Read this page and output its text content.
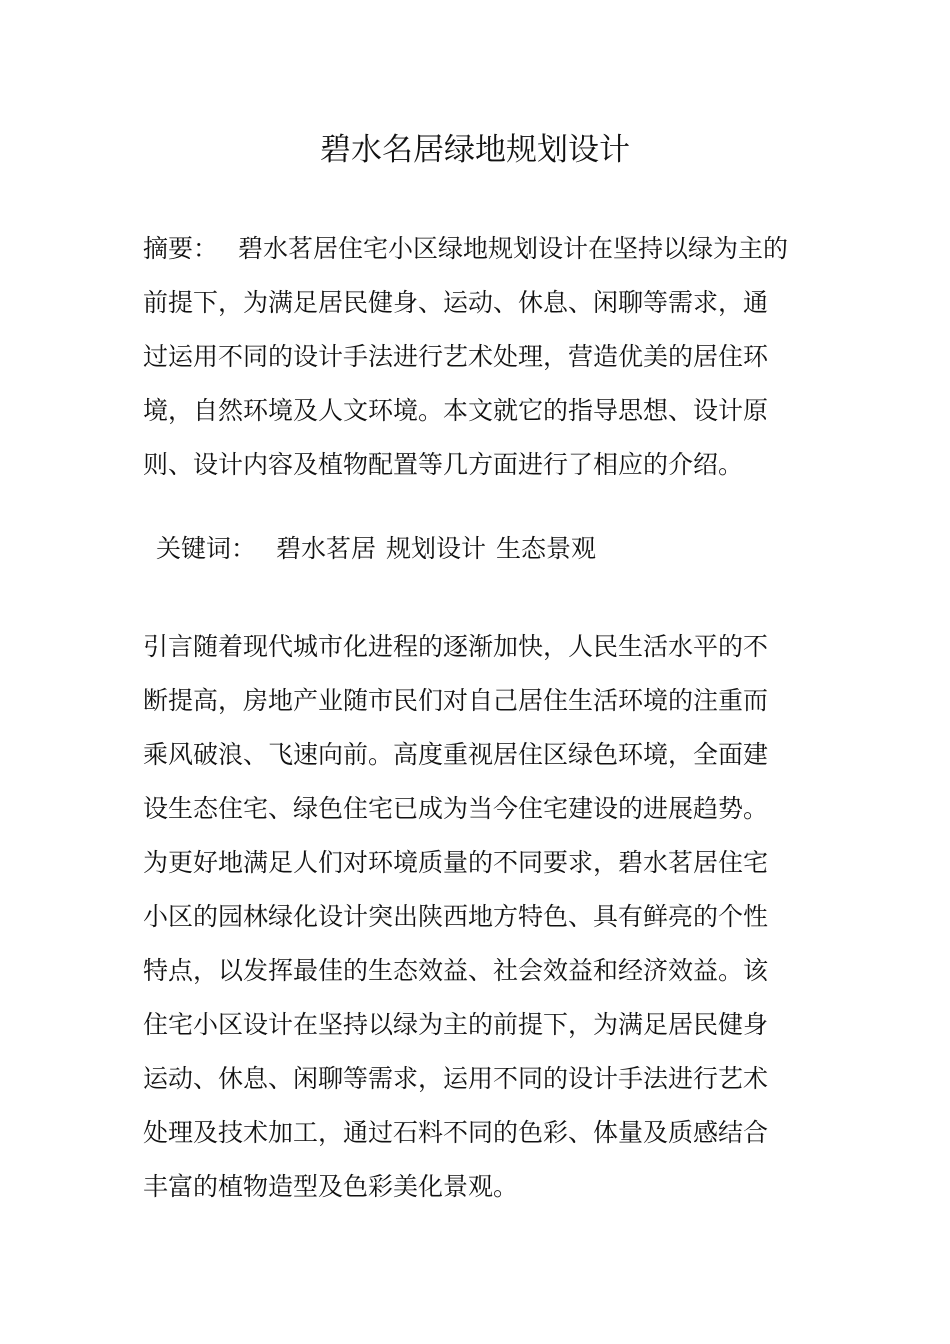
碧水名居绿地规划设计
摘要： 碧水茗居住宅小区绿地规划设计在坚持以绿为主的
前提下，为满足居民健身、运动、休息、闲聊等需求，通
过运用不同的设计手法进行艺术处理，营造优美的居住环
境，自然环境及人文环境。本文就它的指导思想、设计原
则、设计内容及植物配置等几方面进行了相应的介绍。
关键词： 碧水茗居 规划设计 生态景观
引言随着现代城市化进程的逐渐加快，人民生活水平的不
断提高，房地产业随市民们对自己居住生活环境的注重而
乘风破浪、飞速向前。高度重视居住区绿色环境，全面建
设生态住宅、绿色住宅已成为当今住宅建设的进展趋势。
为更好地满足人们对环境质量的不同要求，碧水茗居住宅
小区的园林绿化设计突出陕西地方特色、具有鲜亮的个性
特点，以发挥最佳的生态效益、社会效益和经济效益。该
住宅小区设计在坚持以绿为主的前提下，为满足居民健身
运动、休息、闲聊等需求，运用不同的设计手法进行艺术
处理及技术加工，通过石料不同的色彩、体量及质感结合
丰富的植物造型及色彩美化景观。
